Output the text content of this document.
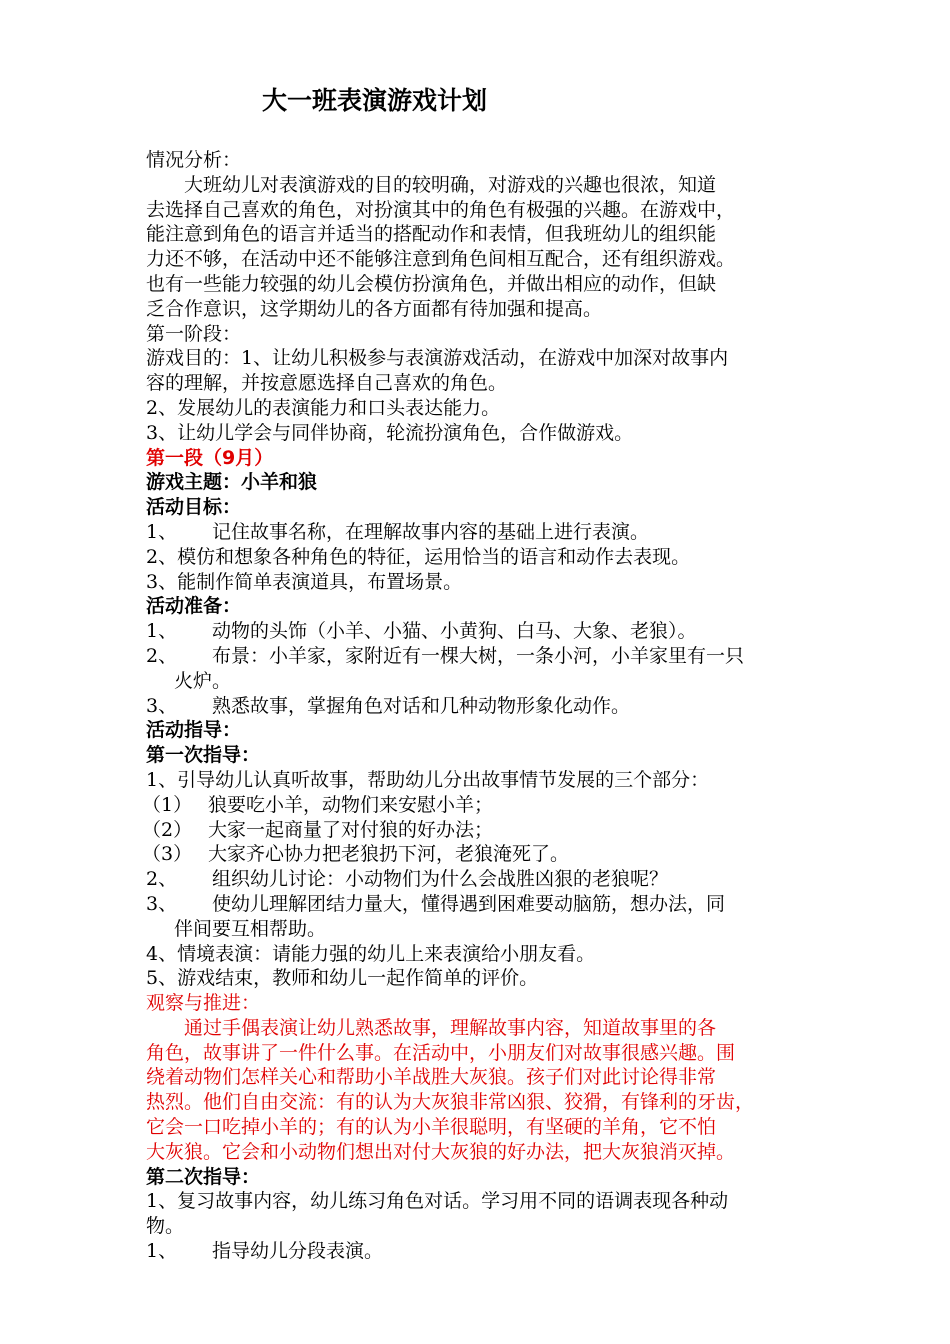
大一班表演游戏计划
情况分析：
大班幼儿对表演游戏的目的较明确，对游戏的兴趣也很浓，知道
去选择自己喜欢的角色，对扮演其中的角色有极强的兴趣。在游戏中，
能注意到角色的语言并适当的搭配动作和表情，但我班幼儿的组织能
力还不够，在活动中还不能够注意到角色间相互配合，还有组织游戏。
也有一些能力较强的幼儿会模仿扮演角色，并做出相应的动作，但缺
乏合作意识，这学期幼儿的各方面都有待加强和提高。
第一阶段：
游戏目的：1、让幼儿积极参与表演游戏活动，在游戏中加深对故事内
容的理解，并按意愿选择自己喜欢的角色。
2、发展幼儿的表演能力和口头表达能力。
3、让幼儿学会与同伴协商，轮流扮演角色，合作做游戏。
第一段（9月）
游戏主题：小羊和狼
活动目标：
1、 记住故事名称，在理解故事内容的基础上进行表演。
2、模仿和想象各种角色的特征，运用恰当的语言和动作去表现。
3、能制作简单表演道具，布置场景。
活动准备：
1、 动物的头饰（小羊、小猫、小黄狗、白马、大象、老狼）。
2、 布景：小羊家，家附近有一棵大树，一条小河，小羊家里有一只
火炉。
3、 熟悉故事，掌握角色对话和几种动物形象化动作。
活动指导：
第一次指导：
1、引导幼儿认真听故事，帮助幼儿分出故事情节发展的三个部分：
（1） 狼要吃小羊，动物们来安慰小羊；
（2） 大家一起商量了对付狼的好办法；
（3） 大家齐心协力把老狼扔下河，老狼淹死了。
2、 组织幼儿讨论：小动物们为什么会战胜凶狠的老狼呢？
3、 使幼儿理解团结力量大，懂得遇到困难要动脑筋，想办法，同
伴间要互相帮助。
4、情境表演：请能力强的幼儿上来表演给小朋友看。
5、游戏结束，教师和幼儿一起作简单的评价。
观察与推进：
通过手偶表演让幼儿熟悉故事，理解故事内容，知道故事里的各
角色，故事讲了一件什么事。在活动中，小朋友们对故事很感兴趣。围
绕着动物们怎样关心和帮助小羊战胜大灰狼。孩子们对此讨论得非常
热烈。他们自由交流：有的认为大灰狼非常凶狠、狡猾，有锋利的牙齿，
它会一口吃掉小羊的；有的认为小羊很聪明，有坚硬的羊角，它不怕
大灰狼。它会和小动物们想出对付大灰狼的好办法，把大灰狼消灭掉。
第二次指导：
1、复习故事内容，幼儿练习角色对话。学习用不同的语调表现各种动
物。
1、 指导幼儿分段表演。
